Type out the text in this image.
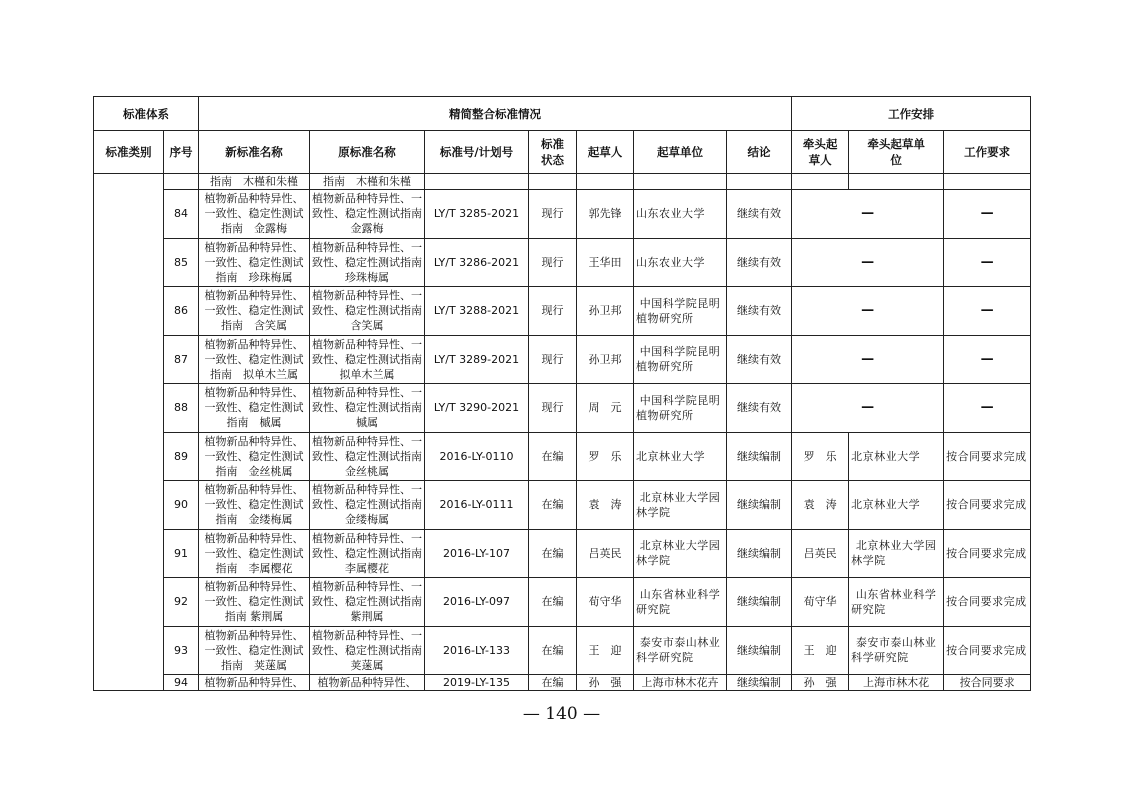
标准体系		精简整合标准情况							工作安排		
标准类别	序号	新标准名称	原标准名称	标准号/计划号	标准状态	起草人	起草单位	结论	牵头起草人	牵头起草单位	工作要求
		指南　木槿和朱槿	指南　木槿和朱槿								
	84	植物新品种特异性、一致性、稳定性测试指南　金露梅	植物新品种特异性、一致性、稳定性测试指南　金露梅	LY/T 3285-2021	现行	郭先锋	山东农业大学	继续有效	—		—
	85	植物新品种特异性、一致性、稳定性测试指南　珍珠梅属	植物新品种特异性、一致性、稳定性测试指南　珍珠梅属	LY/T 3286-2021	现行	王华田	山东农业大学	继续有效	—		—
	86	植物新品种特异性、一致性、稳定性测试指南　含笑属	植物新品种特异性、一致性、稳定性测试指南　含笑属	LY/T 3288-2021	现行	孙卫邦	中国科学院昆明植物研究所	继续有效	—		—
	87	植物新品种特异性、一致性、稳定性测试指南　拟单木兰属	植物新品种特异性、一致性、稳定性测试指南　拟单木兰属	LY/T 3289-2021	现行	孙卫邦	中国科学院昆明植物研究所	继续有效	—		—
	88	植物新品种特异性、一致性、稳定性测试指南　槭属	植物新品种特异性、一致性、稳定性测试指南　槭属	LY/T 3290-2021	现行	周　元	中国科学院昆明植物研究所	继续有效	—		—
	89	植物新品种特异性、一致性、稳定性测试指南　金丝桃属	植物新品种特异性、一致性、稳定性测试指南　金丝桃属	2016-LY-0110	在编	罗　乐	北京林业大学	继续编制	罗　乐	北京林业大学	按合同要求完成
	90	植物新品种特异性、一致性、稳定性测试指南　金缕梅属	植物新品种特异性、一致性、稳定性测试指南　金缕梅属	2016-LY-0111	在编	袁　涛	北京林业大学园林学院	继续编制	袁　涛	北京林业大学	按合同要求完成
	91	植物新品种特异性、一致性、稳定性测试指南　李属樱花	植物新品种特异性、一致性、稳定性测试指南　李属樱花	2016-LY-107	在编	吕英民	北京林业大学园林学院	继续编制	吕英民	北京林业大学园林学院	按合同要求完成
	92	植物新品种特异性、一致性、稳定性测试指南 紫荆属	植物新品种特异性、一致性、稳定性测试指南 紫荆属	2016-LY-097	在编	荀守华	山东省林业科学研究院	继续编制	荀守华	山东省林业科学研究院	按合同要求完成
	93	植物新品种特异性、一致性、稳定性测试指南　荚蒾属	植物新品种特异性、一致性、稳定性测试指南　荚蒾属	2016-LY-133	在编	王　迎	泰安市泰山林业科学研究院	继续编制	王　迎	泰安市泰山林业科学研究院	按合同要求完成
	94	植物新品种特异性、	植物新品种特异性、	2019-LY-135	在编	孙　强	上海市林木花卉	继续编制	孙　强	上海市林木花	按合同要求
— 140 —
